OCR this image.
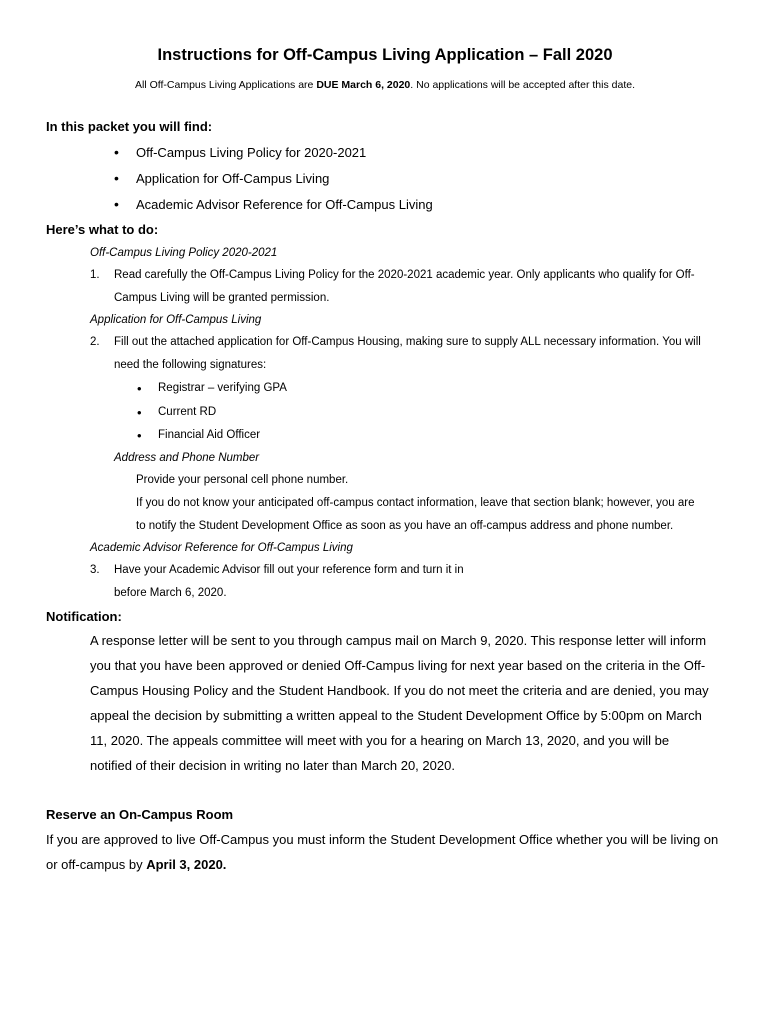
Instructions for Off-Campus Living Application – Fall 2020
All Off-Campus Living Applications are DUE March 6, 2020. No applications will be accepted after this date.
In this packet you will find:
• Off-Campus Living Policy for 2020-2021
• Application for Off-Campus Living
• Academic Advisor Reference for Off-Campus Living
Here’s what to do:
Off-Campus Living Policy 2020-2021
1. Read carefully the Off-Campus Living Policy for the 2020-2021 academic year. Only applicants who qualify for Off-
Campus Living will be granted permission.
Application for Off-Campus Living
2. Fill out the attached application for Off-Campus Housing, making sure to supply ALL necessary information. You will
need the following signatures:
• Registrar – verifying GPA
• Current RD
• Financial Aid Officer
Address and Phone Number
Provide your personal cell phone number.
If you do not know your anticipated off-campus contact information, leave that section blank; however, you are
to notify the Student Development Office as soon as you have an off-campus address and phone number.
Academic Advisor Reference for Off-Campus Living
3. Have your Academic Advisor fill out your reference form and turn it in
before March 6, 2020.
Notification:
A response letter will be sent to you through campus mail on March 9, 2020. This response letter will inform
you that you have been approved or denied Off-Campus living for next year based on the criteria in the Off-
Campus Housing Policy and the Student Handbook. If you do not meet the criteria and are denied, you may
appeal the decision by submitting a written appeal to the Student Development Office by 5:00pm on March
11, 2020. The appeals committee will meet with you for a hearing on March 13, 2020, and you will be
notified of their decision in writing no later than March 20, 2020.
Reserve an On-Campus Room
If you are approved to live Off-Campus you must inform the Student Development Office whether you will be living on
or off-campus by April 3, 2020.
